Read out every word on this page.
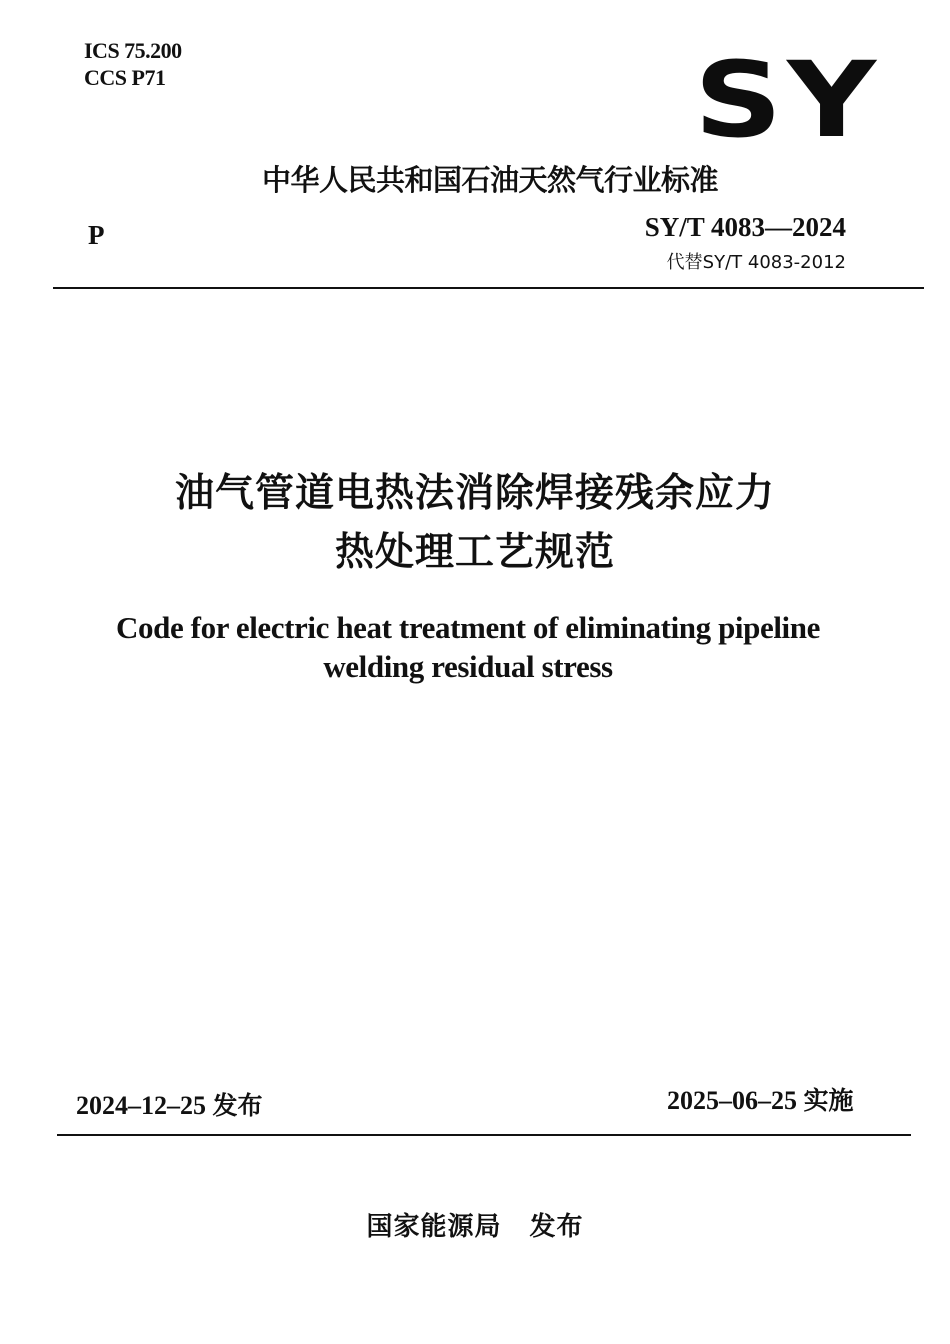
ICS 75.200
CCS P71	SY
中华人民共和国石油天然气行业标准
P	SY/T 4083—2024
代替SY/T 4083-2012
油气管道电热法消除焊接残余应力
热处理工艺规范
Code for electric heat treatment of eliminating pipeline
welding residual stress
2024–12–25 发布	2025–06–25 实施
国家能源局 发布
